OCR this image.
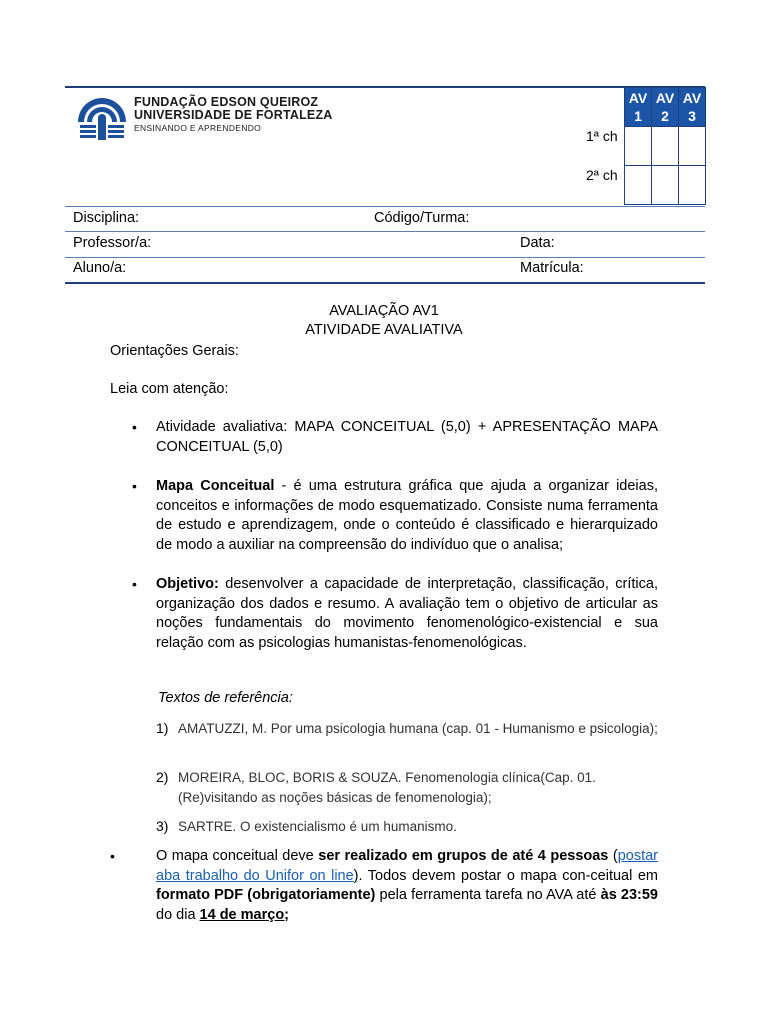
FUNDAÇÃO EDSON QUEIROZ
UNIVERSIDADE DE FORTALEZA
ENSINANDO E APRENDENDO
	AV 1	AV 2	AV 3
1ª ch			
2ª ch			
Disciplina:	Código/Turma:
Professor/a:	Data:
Aluno/a:	Matrícula:
AVALIAÇÃO AV1
ATIVIDADE AVALIATIVA
Orientações Gerais:
Leia com atenção:
• Atividade avaliativa: MAPA CONCEITUAL (5,0) + APRESENTAÇÃO MAPA CONCEITUAL (5,0)
• Mapa Conceitual - é uma estrutura gráfica que ajuda a organizar ideias, conceitos e informações de modo esquematizado. Consiste numa ferramenta de estudo e aprendizagem, onde o conteúdo é classificado e hierarquizado de modo a auxiliar na compreensão do indivíduo que o analisa;
• Objetivo: desenvolver a capacidade de interpretação, classificação, crítica, organização dos dados e resumo. A avaliação tem o objetivo de articular as noções fundamentais do movimento fenomenológico-existencial e sua relação com as psicologias humanistas-fenomenológicas.
Textos de referência:
1) AMATUZZI, M. Por uma psicologia humana (cap. 01 - Humanismo e psicologia);
2) MOREIRA, BLOC, BORIS & SOUZA. Fenomenologia clínica(Cap. 01. (Re)visitando as noções básicas de fenomenologia);
3) SARTRE. O existencialismo é um humanismo.
•	O mapa conceitual deve ser realizado em grupos de até 4 pessoas (postar aba trabalho do Unifor on line). Todos devem postar o mapa con-ceitual em formato PDF (obrigatoriamente) pela ferramenta tarefa no AVA até às 23:59 do dia 14 de março;
